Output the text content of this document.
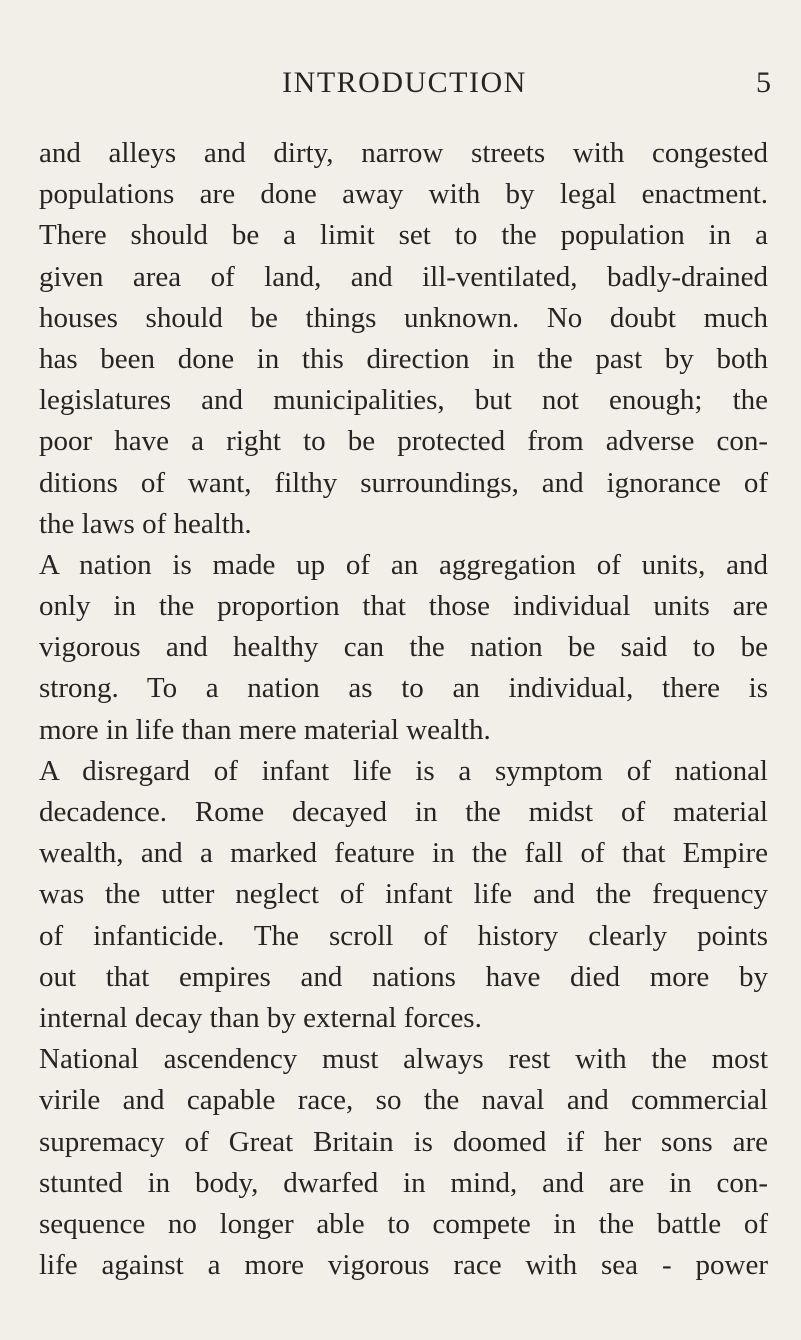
INTRODUCTION	5
and alleys and dirty, narrow streets with congested
populations are done away with by legal enactment.
There should be a limit set to the population in a
given area of land, and ill-ventilated, badly-drained
houses should be things unknown. No doubt much
has been done in this direction in the past by both
legislatures and municipalities, but not enough; the
poor have a right to be protected from adverse con-
ditions of want, filthy surroundings, and ignorance of
the laws of health.
A nation is made up of an aggregation of units, and
only in the proportion that those individual units are
vigorous and healthy can the nation be said to be
strong. To a nation as to an individual, there is
more in life than mere material wealth.
A disregard of infant life is a symptom of national
decadence. Rome decayed in the midst of material
wealth, and a marked feature in the fall of that Empire
was the utter neglect of infant life and the frequency
of infanticide. The scroll of history clearly points
out that empires and nations have died more by
internal decay than by external forces.
National ascendency must always rest with the most
virile and capable race, so the naval and commercial
supremacy of Great Britain is doomed if her sons are
stunted in body, dwarfed in mind, and are in con-
sequence no longer able to compete in the battle of
life against a more vigorous race with sea - power
